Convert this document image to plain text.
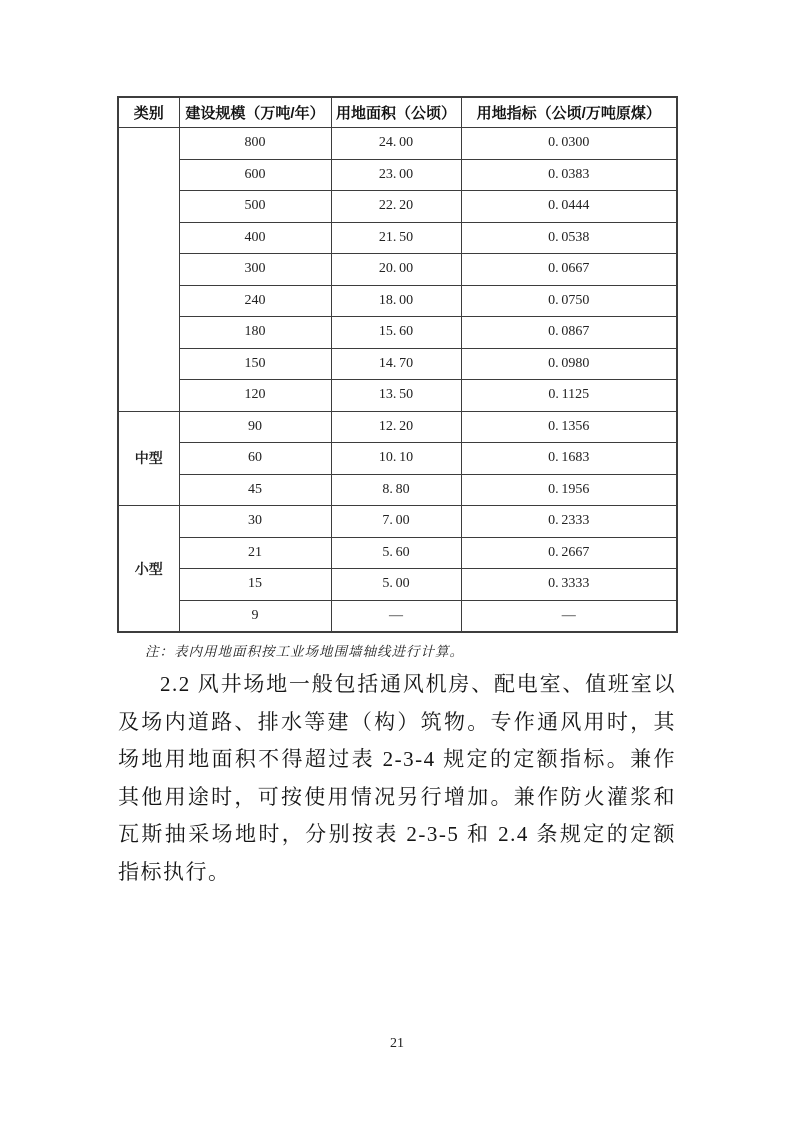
类别	建设规模（万吨/年）	用地面积（公顷）	用地指标（公顷/万吨原煤）
	800	24. 00	0. 0300
	600	23. 00	0. 0383
	500	22. 20	0. 0444
	400	21. 50	0. 0538
	300	20. 00	0. 0667
	240	18. 00	0. 0750
	180	15. 60	0. 0867
	150	14. 70	0. 0980
	120	13. 50	0. 1125
中型	90	12. 20	0. 1356
	60	10. 10	0. 1683
	45	8. 80	0. 1956
小型	30	7. 00	0. 2333
	21	5. 60	0. 2667
	15	5. 00	0. 3333
	9	—	—
注：表内用地面积按工业场地围墙轴线进行计算。

2.2 风井场地一般包括通风机房、配电室、值班室以及场内道路、排水等建（构）筑物。专作通风用时，其场地用地面积不得超过表 2-3-4 规定的定额指标。兼作其他用途时，可按使用情况另行增加。兼作防火灌浆和瓦斯抽采场地时，分别按表 2-3-5 和 2.4 条规定的定额指标执行。

21
